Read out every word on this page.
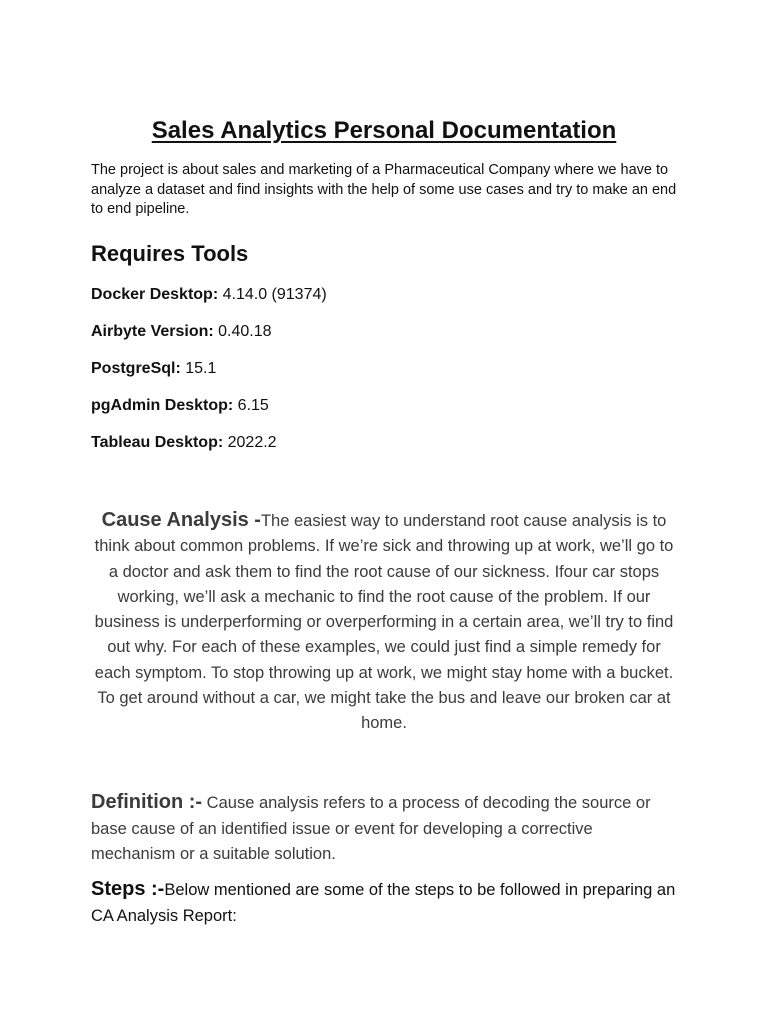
Sales Analytics Personal Documentation
The project is about sales and marketing of a Pharmaceutical Company where we have to analyze a dataset and find insights with the help of some use cases and try to make an end to end pipeline.
Requires Tools
Docker Desktop: 4.14.0 (91374)
Airbyte Version: 0.40.18
PostgreSql: 15.1
pgAdmin Desktop: 6.15
Tableau Desktop: 2022.2
Cause Analysis -The easiest way to understand root cause analysis is to think about common problems. If we’re sick and throwing up at work, we’ll go to a doctor and ask them to find the root cause of our sickness. Ifour car stops working, we’ll ask a mechanic to find the root cause of the problem. If our business is underperforming or overperforming in a certain area, we’ll try to find out why. For each of these examples, we could just find a simple remedy for each symptom. To stop throwing up at work, we might stay home with a bucket. To get around without a car, we might take the bus and leave our broken car at home.
Definition :- Cause analysis refers to a process of decoding the source or base cause of an identified issue or event for developing a corrective mechanism or a suitable solution.
Steps :-Below mentioned are some of the steps to be followed in preparing an CA Analysis Report:
